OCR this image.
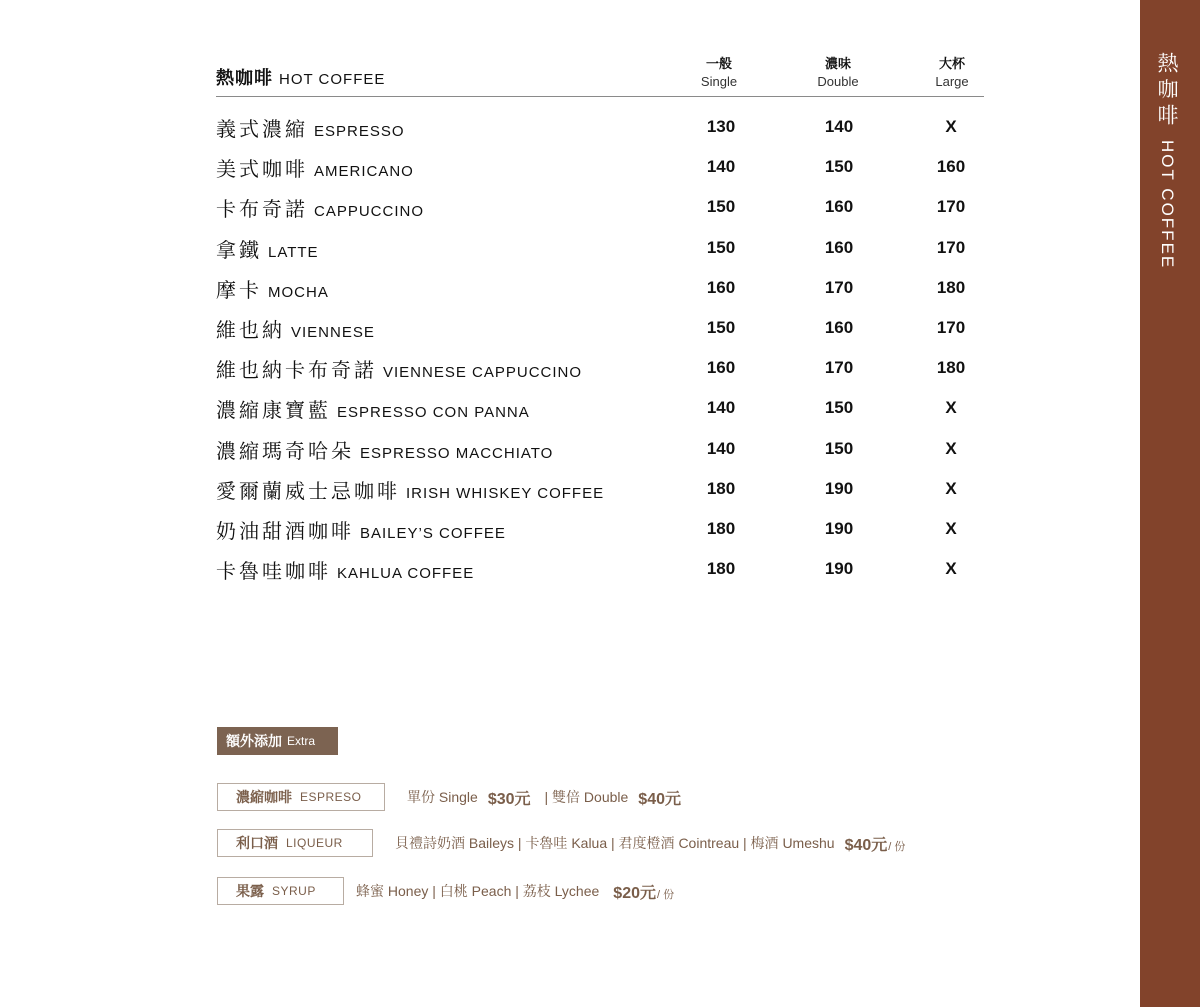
熱咖啡HOT COFFEE
熱咖啡 HOT COFFEE
一般
Single
濃味
Double
大杯
Large
義式濃縮 ESPRESSO	130	140	X
美式咖啡 AMERICANO	140	150	160
卡布奇諾 CAPPUCCINO	150	160	170
拿鐵 LATTE	150	160	170
摩卡 MOCHA	160	170	180
維也納 VIENNESE	150	160	170
維也納卡布奇諾 VIENNESE CAPPUCCINO	160	170	180
濃縮康寶藍 ESPRESSO CON PANNA	140	150	X
濃縮瑪奇哈朵 ESPRESSO MACCHIATO	140	150	X
愛爾蘭威士忌咖啡 IRISH WHISKEY COFFEE	180	190	X
奶油甜酒咖啡 BAILEY’S COFFEE	180	190	X
卡魯哇咖啡 KAHLUA COFFEE	180	190	X
額外添加 Extra
濃縮咖啡 ESPRESO	單份 Single $30元 | 雙倍 Double $40元
利口酒 LIQUEUR	貝禮詩奶酒 Baileys | 卡魯哇 Kalua | 君度橙酒 Cointreau | 梅酒 Umeshu $40元/ 份
果露 SYRUP	蜂蜜 Honey | 白桃 Peach | 荔枝 Lychee $20元/ 份
